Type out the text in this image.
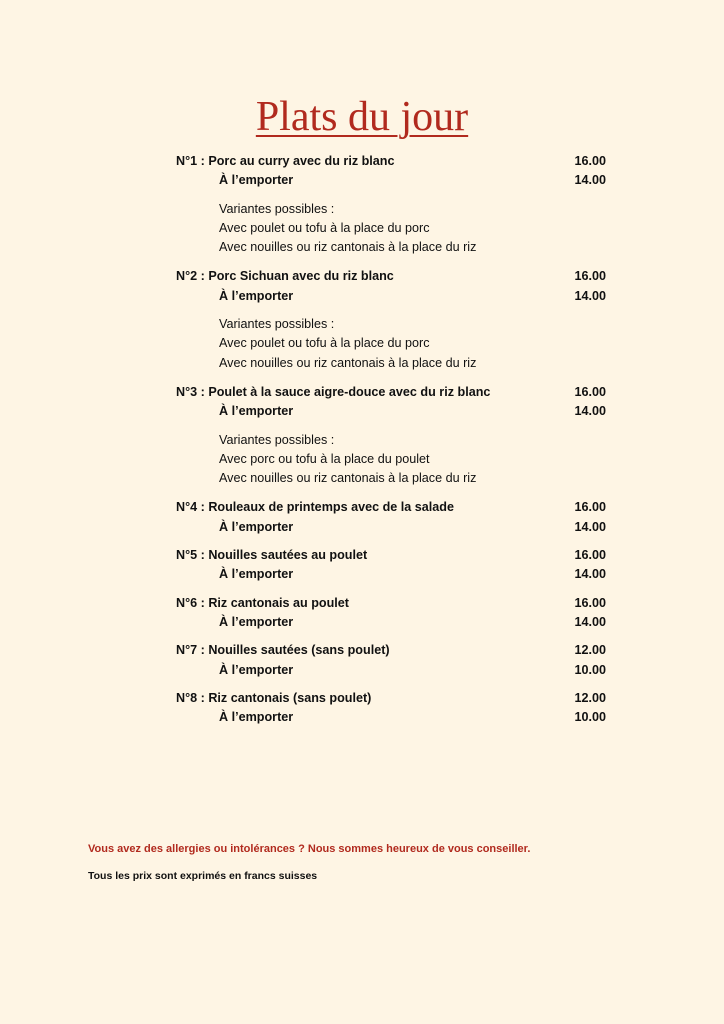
Plats du jour
N°1 : Porc au curry avec du riz blanc	16.00
À l’emporter	14.00
Variantes possibles :
Avec poulet ou tofu à la place du porc
Avec nouilles ou riz cantonais à la place du riz
N°2 : Porc Sichuan avec du riz blanc	16.00
À l’emporter	14.00
Variantes possibles :
Avec poulet ou tofu à la place du porc
Avec nouilles ou riz cantonais à la place du riz
N°3 : Poulet à la sauce aigre-douce avec du riz blanc	16.00
À l’emporter	14.00
Variantes possibles :
Avec porc ou tofu à la place du poulet
Avec nouilles ou riz cantonais à la place du riz
N°4 : Rouleaux de printemps avec de la salade	16.00
À l’emporter	14.00
N°5 : Nouilles sautées au poulet	16.00
À l’emporter	14.00
N°6 : Riz cantonais au poulet	16.00
À l’emporter	14.00
N°7 : Nouilles sautées (sans poulet)	12.00
À l’emporter	10.00
N°8 : Riz cantonais (sans poulet)	12.00
À l’emporter	10.00
Vous avez des allergies ou intolérances ? Nous sommes heureux de vous conseiller.
Tous les prix sont exprimés en francs suisses
